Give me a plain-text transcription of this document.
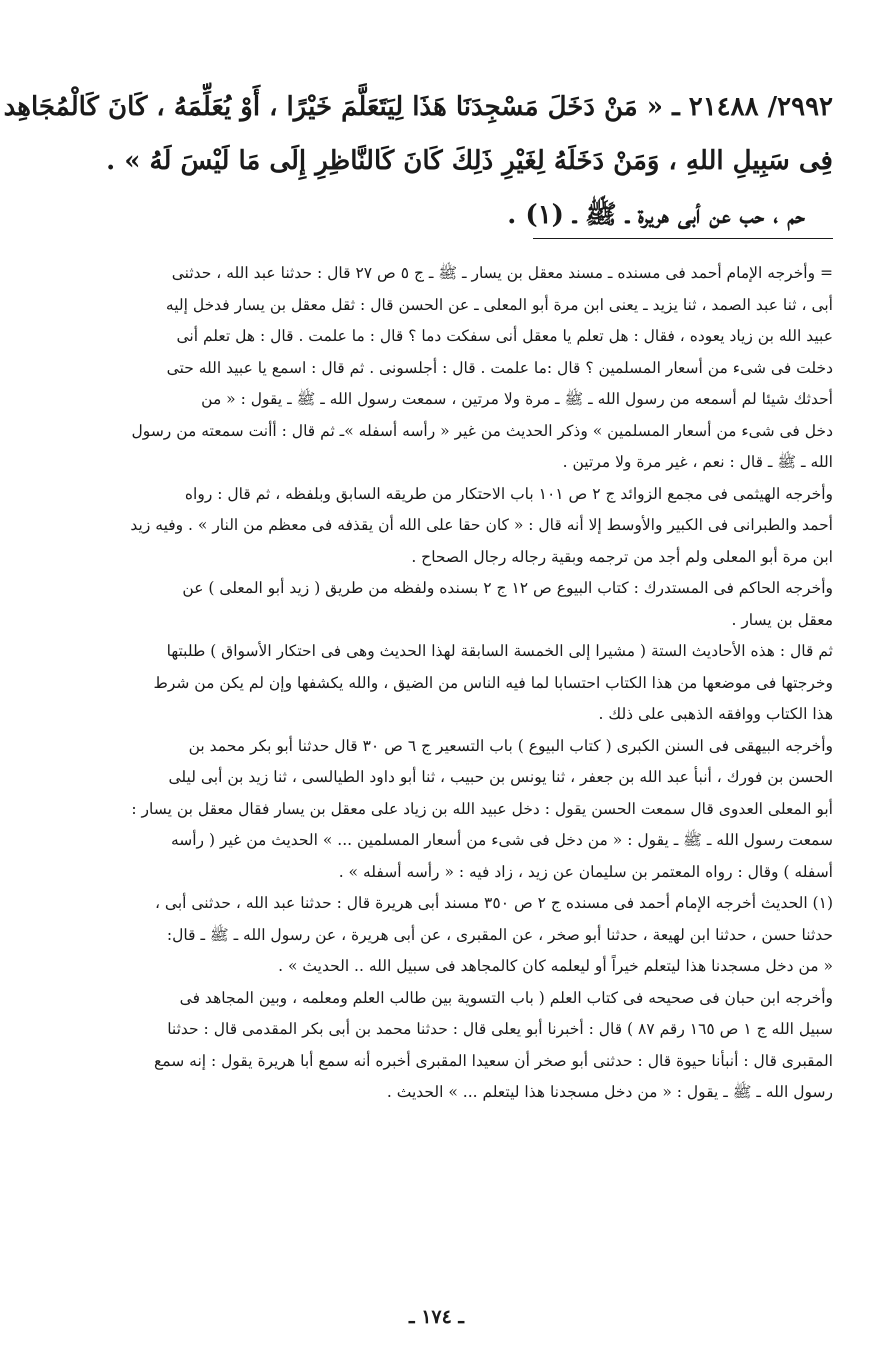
٢٩٩٢/ ٢١٤٨٨ ـ « مَنْ دَخَلَ مَسْجِدَنَا هَذَا لِيَتَعَلَّمَ خَيْرًا ، أَوْ يُعَلِّمَهُ ، كَانَ كَالْمُجَاهِد
فِى سَبِيلِ اللهِ ، وَمَنْ دَخَلَهُ لِغَيْرِ ذَلِكَ كَانَ كَالنَّاظِرِ إِلَى مَا لَيْسَ لَهُ » .
حم ، حب عن أبى هريرة ـ ﷺ ـ (١) .
= وأخرجه الإمام أحمد فى مسنده ـ مسند معقل بن يسار ـ ﷺ ـ ج ٥ ص ٢٧ قال : حدثنا عبد الله ، حدثنى
أبى ، ثنا عبد الصمد ، ثنا يزيد ـ يعنى ابن مرة أبو المعلى ـ عن الحسن قال : ثقل معقل بن يسار فدخل إليه
عبيد الله بن زياد يعوده ، فقال : هل تعلم يا معقل أنى سفكت دما ؟ قال : ما علمت . قال : هل تعلم أنى
دخلت فى شىء من أسعار المسلمين ؟ قال :ما علمت . قال : أجلسونى . ثم قال : اسمع يا عبيد الله حتى
أحدثك شيئا لم أسمعه من رسول الله ـ ﷺ ـ مرة ولا مرتين ، سمعت رسول الله ـ ﷺ ـ يقول : « من
دخل فى شىء من أسعار المسلمين » وذكر الحديث من غير « رأسه أسفله »ـ ثم قال : أأنت سمعته من رسول
الله ـ ﷺ ـ قال : نعم ، غير مرة ولا مرتين .
وأخرجه الهيثمى فى مجمع الزوائد ج ٢ ص ١٠١ باب الاحتكار من طريقه السابق وبلفظه ، ثم قال : رواه
أحمد والطبرانى فى الكبير والأوسط إلا أنه قال : « كان حقا على الله أن يقذفه فى معظم من النار » . وفيه زيد
ابن مرة أبو المعلى ولم أجد من ترجمه وبقية رجاله رجال الصحاح .
وأخرجه الحاكم فى المستدرك : كتاب البيوع ص ١٢ ج ٢ بسنده ولفظه من طريق ( زيد أبو المعلى ) عن
معقل بن يسار .
ثم قال : هذه الأحاديث الستة ( مشيرا إلى الخمسة السابقة لهذا الحديث وهى فى احتكار الأسواق ) طلبتها
وخرجتها فى موضعها من هذا الكتاب احتسابا لما فيه الناس من الضيق ، والله يكشفها وإن لم يكن من شرط
هذا الكتاب ووافقه الذهبى على ذلك .
وأخرجه البيهقى فى السنن الكبرى ( كتاب البيوع ) باب التسعير ج ٦ ص ٣٠ قال حدثنا أبو بكر محمد بن
الحسن بن فورك ، أنبأ عبد الله بن جعفر ، ثنا يونس بن حبيب ، ثنا أبو داود الطيالسى ، ثنا زيد بن أبى ليلى
أبو المعلى العدوى قال سمعت الحسن يقول : دخل عبيد الله بن زياد على معقل بن يسار فقال معقل بن يسار :
سمعت رسول الله ـ ﷺ ـ يقول : « من دخل فى شىء من أسعار المسلمين ... » الحديث من غير ( رأسه
أسفله ) وقال : رواه المعتمر بن سليمان عن زيد ، زاد فيه : « رأسه أسفله » .
(١) الحديث أخرجه الإمام أحمد فى مسنده ج ٢ ص ٣٥٠ مسند أبى هريرة قال : حدثنا عبد الله ، حدثنى أبى ،
حدثنا حسن ، حدثنا ابن لهيعة ، حدثنا أبو صخر ، عن المقبرى ، عن أبى هريرة ، عن رسول الله ـ ﷺ ـ قال:
« من دخل مسجدنا هذا ليتعلم خيراً أو ليعلمه كان كالمجاهد فى سبيل الله .. الحديث » .
وأخرجه ابن حبان فى صحيحه فى كتاب العلم ( باب التسوية بين طالب العلم ومعلمه ، وبين المجاهد فى
سبيل الله ج ١ ص ١٦٥ رقم ٨٧ ) قال : أخبرنا أبو يعلى قال : حدثنا محمد بن أبى بكر المقدمى قال : حدثنا
المقبرى قال : أنبأنا حيوة قال : حدثنى أبو صخر أن سعيدا المقبرى أخبره أنه سمع أبا هريرة يقول : إنه سمع
رسول الله ـ ﷺ ـ يقول : « من دخل مسجدنا هذا ليتعلم ... » الحديث .
ـ ١٧٤ ـ
